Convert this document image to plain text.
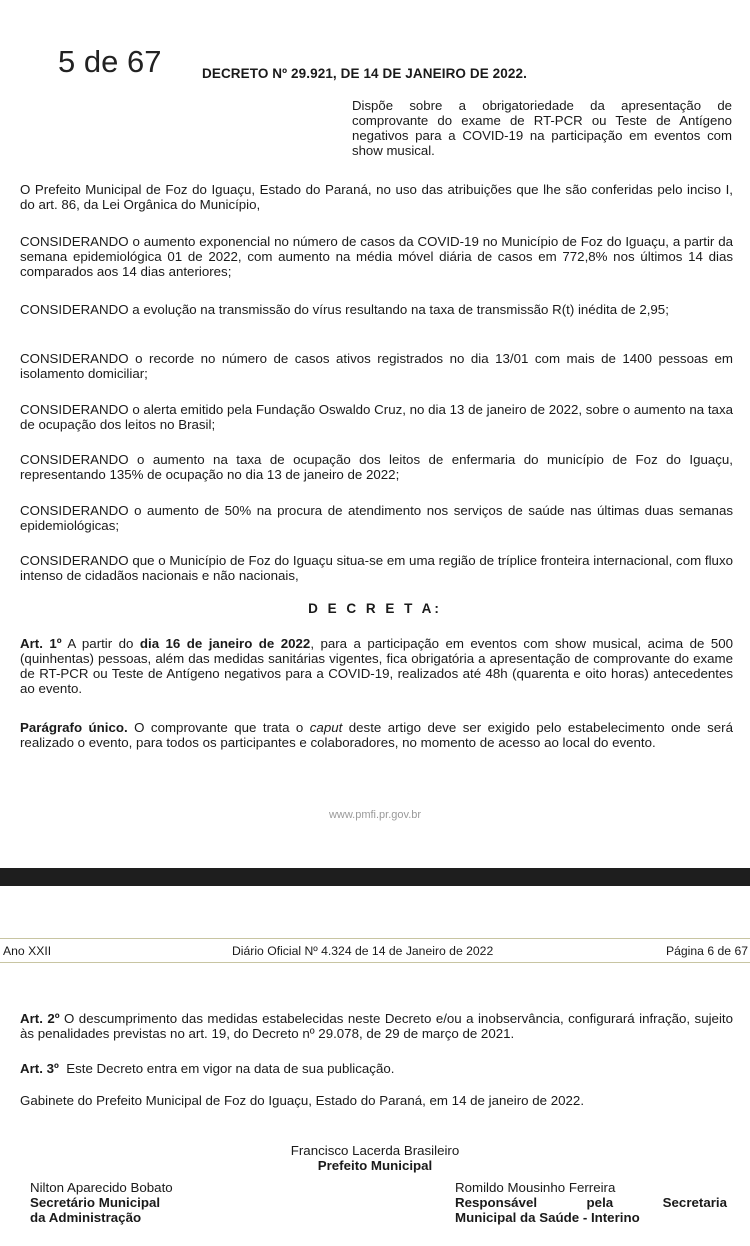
5 de 67	DECRETO Nº 29.921, DE 14 DE JANEIRO DE 2022.
Dispõe sobre a obrigatoriedade da apresentação de comprovante do exame de RT-PCR ou Teste de Antígeno negativos para a COVID-19 na participação em eventos com show musical.
O Prefeito Municipal de Foz do Iguaçu, Estado do Paraná, no uso das atribuições que lhe são conferidas pelo inciso I, do art. 86, da Lei Orgânica do Município,
CONSIDERANDO o aumento exponencial no número de casos da COVID-19 no Município de Foz do Iguaçu, a partir da semana epidemiológica 01 de 2022, com aumento na média móvel diária de casos em 772,8% nos últimos 14 dias comparados aos 14 dias anteriores;
CONSIDERANDO a evolução na transmissão do vírus resultando na taxa de transmissão R(t) inédita de 2,95;
CONSIDERANDO o recorde no número de casos ativos registrados no dia 13/01 com mais de 1400 pessoas em isolamento domiciliar;
CONSIDERANDO o alerta emitido pela Fundação Oswaldo Cruz, no dia 13 de janeiro de 2022, sobre o aumento na taxa de ocupação dos leitos no Brasil;
CONSIDERANDO o aumento na taxa de ocupação dos leitos de enfermaria do município de Foz do Iguaçu, representando 135% de ocupação no dia 13 de janeiro de 2022;
CONSIDERANDO o aumento de 50% na procura de atendimento nos serviços de saúde nas últimas duas semanas epidemiológicas;
CONSIDERANDO que o Município de Foz do Iguaçu situa-se em uma região de tríplice fronteira internacional, com fluxo intenso de cidadãos nacionais e não nacionais,
D E C R E T A:
Art. 1º A partir do dia 16 de janeiro de 2022, para a participação em eventos com show musical, acima de 500 (quinhentas) pessoas, além das medidas sanitárias vigentes, fica obrigatória a apresentação de comprovante do exame de RT-PCR ou Teste de Antígeno negativos para a COVID-19, realizados até 48h (quarenta e oito horas) antecedentes ao evento.
Parágrafo único. O comprovante que trata o caput deste artigo deve ser exigido pelo estabelecimento onde será realizado o evento, para todos os participantes e colaboradores, no momento de acesso ao local do evento.
www.pmfi.pr.gov.br
Ano XXII	Diário Oficial Nº 4.324 de 14 de Janeiro de 2022	Página 6 de 67
Art. 2º O descumprimento das medidas estabelecidas neste Decreto e/ou a inobservância, configurará infração, sujeito às penalidades previstas no art. 19, do Decreto nº 29.078, de 29 de março de 2021.
Art. 3º  Este Decreto entra em vigor na data de sua publicação.
Gabinete do Prefeito Municipal de Foz do Iguaçu, Estado do Paraná, em 14 de janeiro de 2022.
Francisco Lacerda Brasileiro
Prefeito Municipal
Nilton Aparecido Bobato
Secretário Municipal
da Administração
Romildo Mousinho Ferreira
Responsável pela Secretaria
Municipal da Saúde - Interino
